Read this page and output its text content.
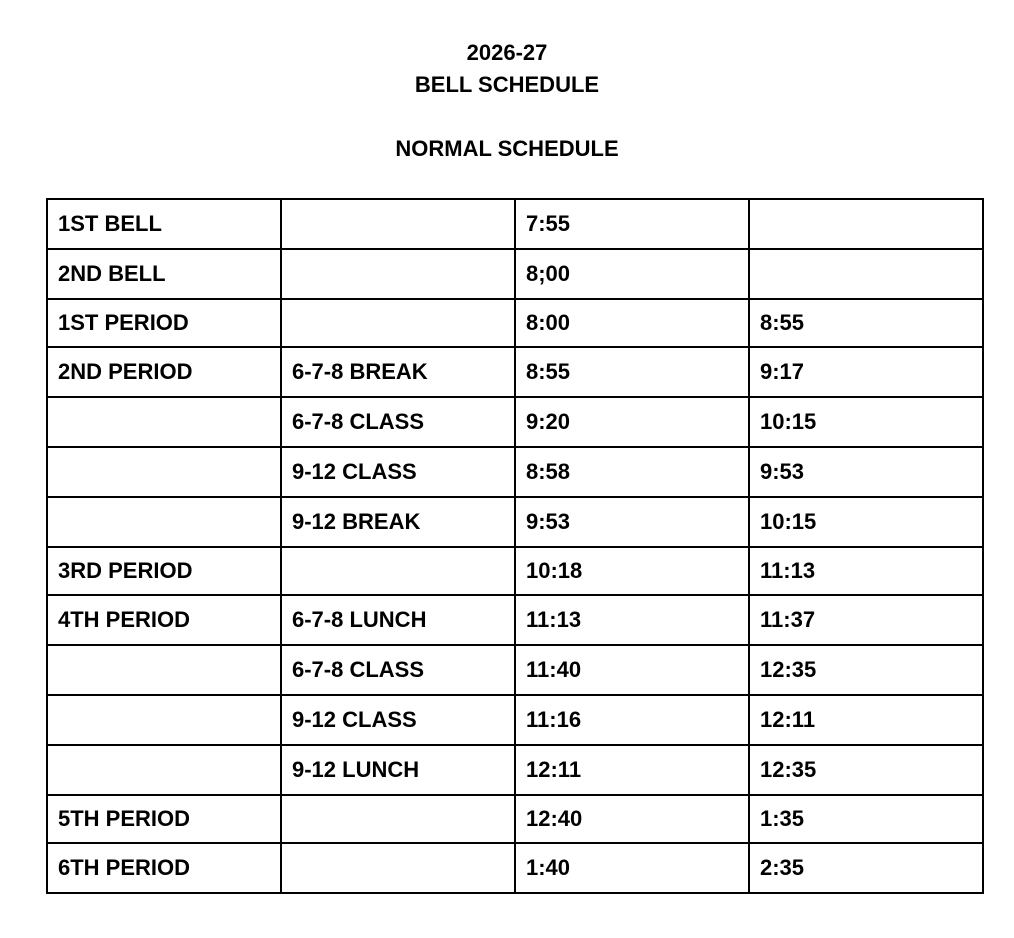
2026-27
BELL SCHEDULE
NORMAL SCHEDULE
1ST BELL		7:55	
2ND BELL		8;00	
1ST PERIOD		8:00	8:55
2ND PERIOD	6-7-8 BREAK	8:55	9:17
	6-7-8 CLASS	9:20	10:15
	9-12 CLASS	8:58	9:53
	9-12 BREAK	9:53	10:15
3RD PERIOD		10:18	11:13
4TH PERIOD	6-7-8 LUNCH	11:13	11:37
	6-7-8 CLASS	11:40	12:35
	9-12 CLASS	11:16	12:11
	9-12 LUNCH	12:11	12:35
5TH PERIOD		12:40	1:35
6TH PERIOD		1:40	2:35
